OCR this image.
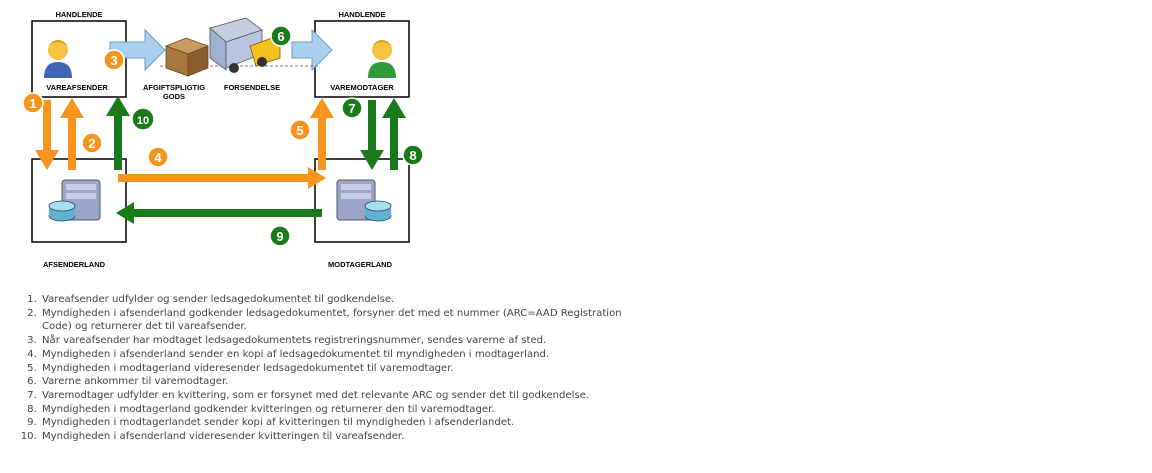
HANDLENDE	HANDLENDE
VAREAFSENDER	VAREMODTAGER
AFGIFTSPLIGTIG
GODS
FORSENDELSE
AFSENDERLAND	MODTAGERLAND
1
2
3
4
5
6
7
8
9
10
1. Vareafsender udfylder og sender ledsagedokumentet til godkendelse.
2. Myndigheden i afsenderland godkender ledsagedokumentet, forsyner det med et nummer (ARC=AAD Registration Code) og returnerer det til vareafsender.
3. Når vareafsender har modtaget ledsagedokumentets registreringsnummer, sendes varerne af sted.
4. Myndigheden i afsenderland sender en kopi af ledsagedokumentet til myndigheden i modtagerland.
5. Myndigheden i modtagerland videresender ledsagedokumentet til varemodtager.
6. Varerne ankommer til varemodtager.
7. Varemodtager udfylder en kvittering, som er forsynet med det relevante ARC og sender det til godkendelse.
8. Myndigheden i modtagerland godkender kvitteringen og returnerer den til varemodtager.
9. Myndigheden i modtagerlandet sender kopi af kvitteringen til myndigheden i afsenderlandet.
10. Myndigheden i afsenderland videresender kvitteringen til vareafsender.
